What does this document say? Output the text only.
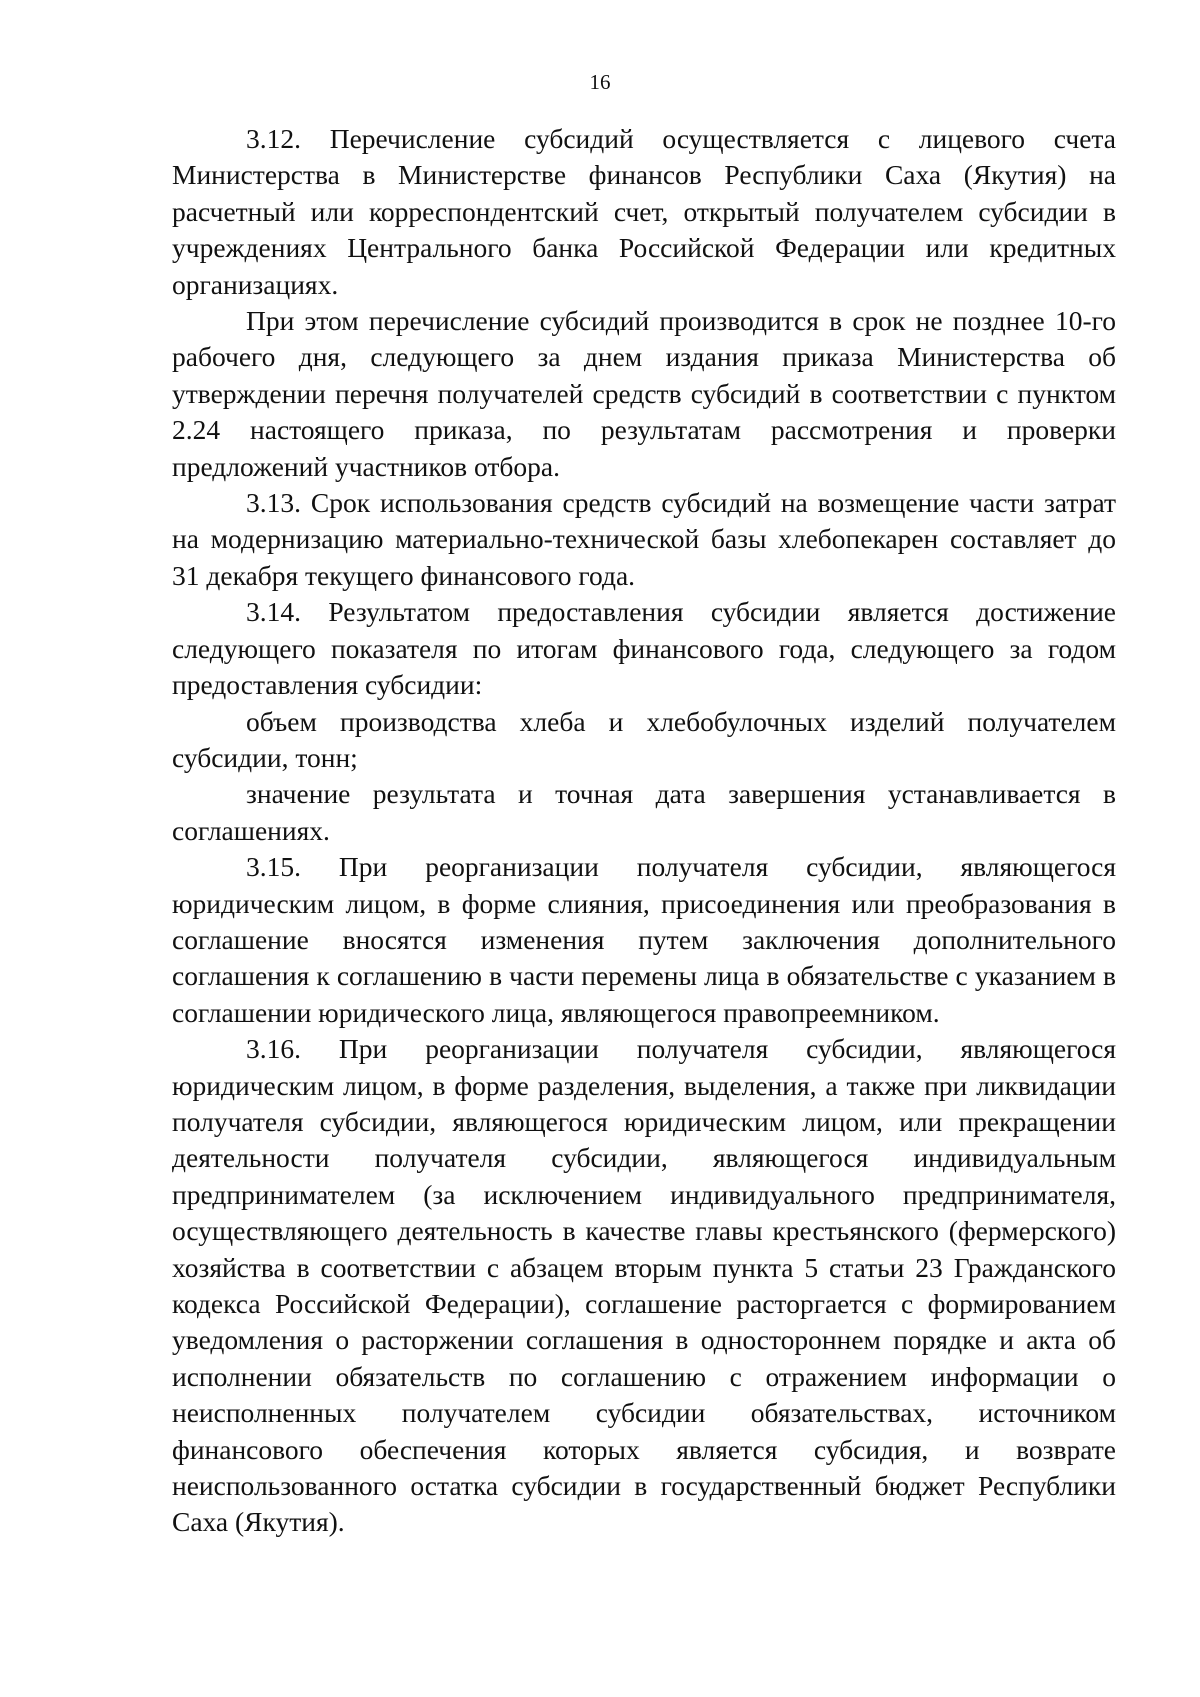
16

3.12. Перечисление субсидий осуществляется с лицевого счета Министерства в Министерстве финансов Республики Саха (Якутия) на расчетный или корреспондентский счет, открытый получателем субсидии в учреждениях Центрального банка Российской Федерации или кредитных организациях.

При этом перечисление субсидий производится в срок не позднее 10-го рабочего дня, следующего за днем издания приказа Министерства об утверждении перечня получателей средств субсидий в соответствии с пунктом 2.24 настоящего приказа, по результатам рассмотрения и проверки предложений участников отбора.

3.13. Срок использования средств субсидий на возмещение части затрат на модернизацию материально-технической базы хлебопекарен составляет до 31 декабря текущего финансового года.

3.14. Результатом предоставления субсидии является достижение следующего показателя по итогам финансового года, следующего за годом предоставления субсидии:

объем производства хлеба и хлебобулочных изделий получателем субсидии, тонн;

значение результата и точная дата завершения устанавливается в соглашениях.

3.15. При реорганизации получателя субсидии, являющегося юридическим лицом, в форме слияния, присоединения или преобразования в соглашение вносятся изменения путем заключения дополнительного соглашения к соглашению в части перемены лица в обязательстве с указанием в соглашении юридического лица, являющегося правопреемником.

3.16. При реорганизации получателя субсидии, являющегося юридическим лицом, в форме разделения, выделения, а также при ликвидации получателя субсидии, являющегося юридическим лицом, или прекращении деятельности получателя субсидии, являющегося индивидуальным предпринимателем (за исключением индивидуального предпринимателя, осуществляющего деятельность в качестве главы крестьянского (фермерского) хозяйства в соответствии с абзацем вторым пункта 5 статьи 23 Гражданского кодекса Российской Федерации), соглашение расторгается с формированием уведомления о расторжении соглашения в одностороннем порядке и акта об исполнении обязательств по соглашению с отражением информации о неисполненных получателем субсидии обязательствах, источником финансового обеспечения которых является субсидия, и возврате неиспользованного остатка субсидии в государственный бюджет Республики Саха (Якутия).
